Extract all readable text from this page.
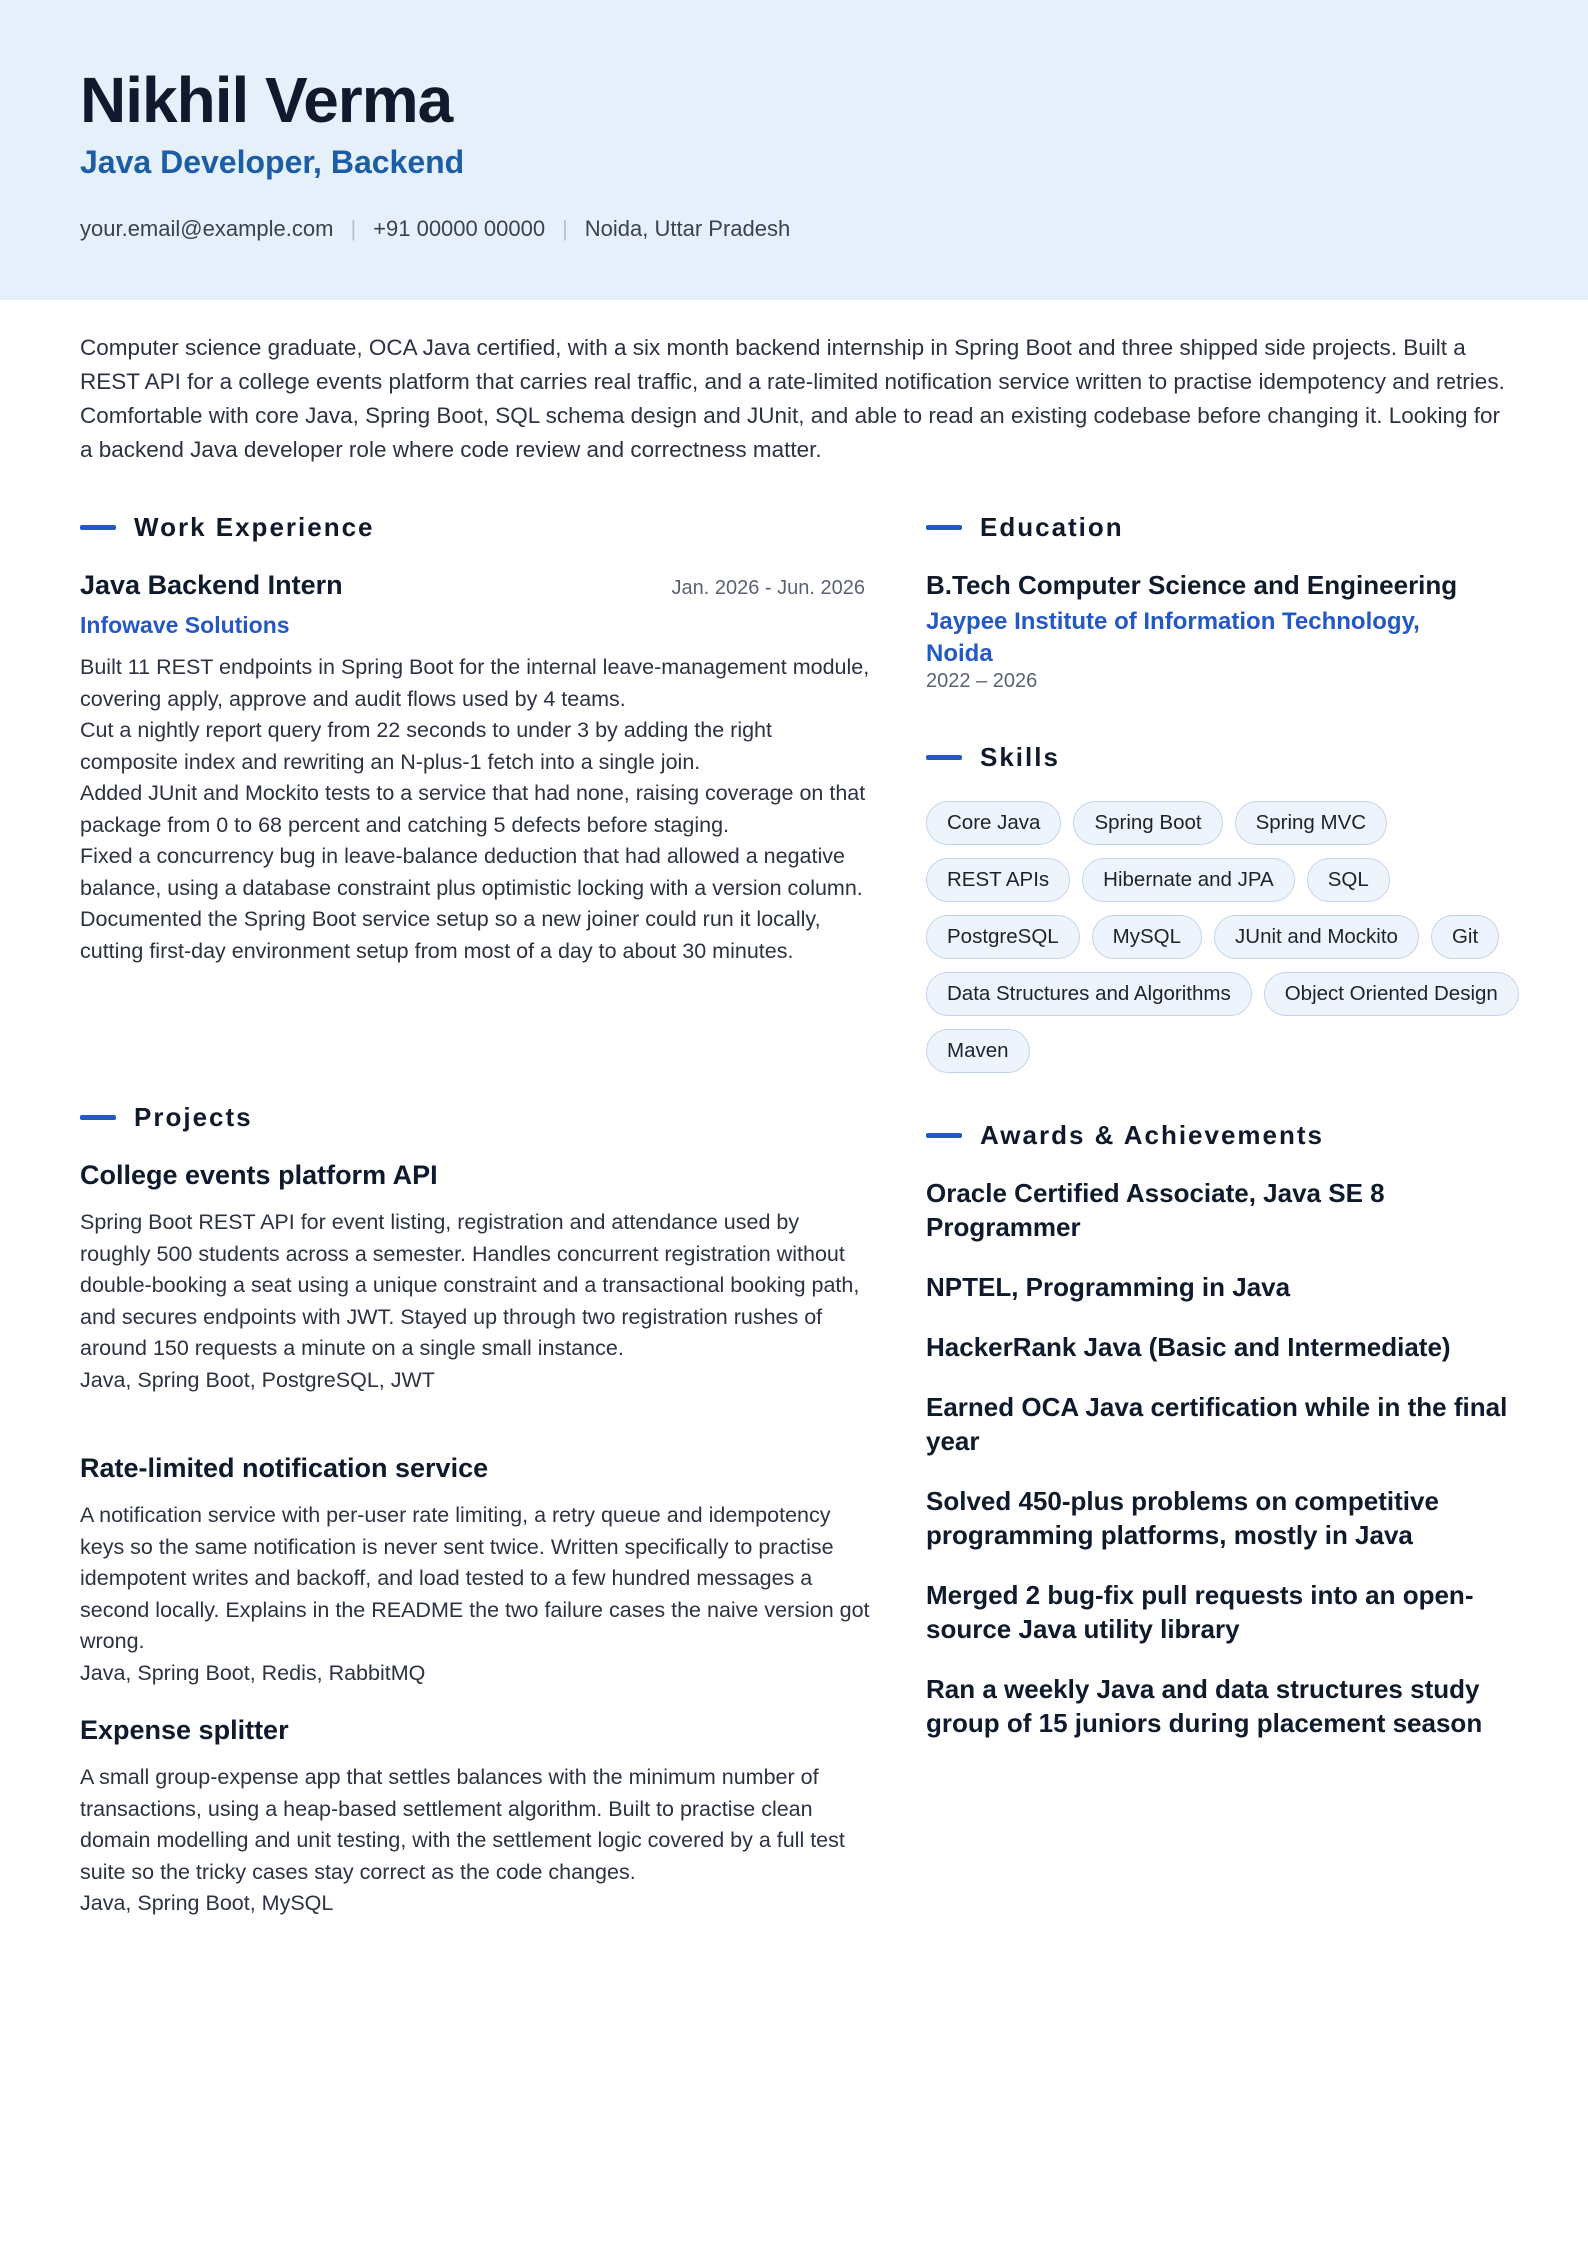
Nikhil Verma
Java Developer, Backend
your.email@example.com | +91 00000 00000 | Noida, Uttar Pradesh
Computer science graduate, OCA Java certified, with a six month backend internship in Spring Boot and three shipped side projects. Built a REST API for a college events platform that carries real traffic, and a rate-limited notification service written to practise idempotency and retries. Comfortable with core Java, Spring Boot, SQL schema design and JUnit, and able to read an existing codebase before changing it. Looking for a backend Java developer role where code review and correctness matter.
Work Experience
Java Backend Intern	Jan. 2026 - Jun. 2026
Infowave Solutions
Built 11 REST endpoints in Spring Boot for the internal leave-management module, covering apply, approve and audit flows used by 4 teams.
Cut a nightly report query from 22 seconds to under 3 by adding the right composite index and rewriting an N-plus-1 fetch into a single join.
Added JUnit and Mockito tests to a service that had none, raising coverage on that package from 0 to 68 percent and catching 5 defects before staging.
Fixed a concurrency bug in leave-balance deduction that had allowed a negative balance, using a database constraint plus optimistic locking with a version column.
Documented the Spring Boot service setup so a new joiner could run it locally, cutting first-day environment setup from most of a day to about 30 minutes.
Projects
College events platform API
Spring Boot REST API for event listing, registration and attendance used by roughly 500 students across a semester. Handles concurrent registration without double-booking a seat using a unique constraint and a transactional booking path, and secures endpoints with JWT. Stayed up through two registration rushes of around 150 requests a minute on a single small instance.
Java, Spring Boot, PostgreSQL, JWT
Rate-limited notification service
A notification service with per-user rate limiting, a retry queue and idempotency keys so the same notification is never sent twice. Written specifically to practise idempotent writes and backoff, and load tested to a few hundred messages a second locally. Explains in the README the two failure cases the naive version got wrong.
Java, Spring Boot, Redis, RabbitMQ
Expense splitter
A small group-expense app that settles balances with the minimum number of transactions, using a heap-based settlement algorithm. Built to practise clean domain modelling and unit testing, with the settlement logic covered by a full test suite so the tricky cases stay correct as the code changes.
Java, Spring Boot, MySQL
Education
B.Tech Computer Science and Engineering
Jaypee Institute of Information Technology, Noida
2022 – 2026
Skills
Core Java	Spring Boot	Spring MVC
REST APIs	Hibernate and JPA	SQL
PostgreSQL	MySQL	JUnit and Mockito	Git
Data Structures and Algorithms	Object Oriented Design
Maven
Awards & Achievements
Oracle Certified Associate, Java SE 8 Programmer
NPTEL, Programming in Java
HackerRank Java (Basic and Intermediate)
Earned OCA Java certification while in the final year
Solved 450-plus problems on competitive programming platforms, mostly in Java
Merged 2 bug-fix pull requests into an open-source Java utility library
Ran a weekly Java and data structures study group of 15 juniors during placement season
